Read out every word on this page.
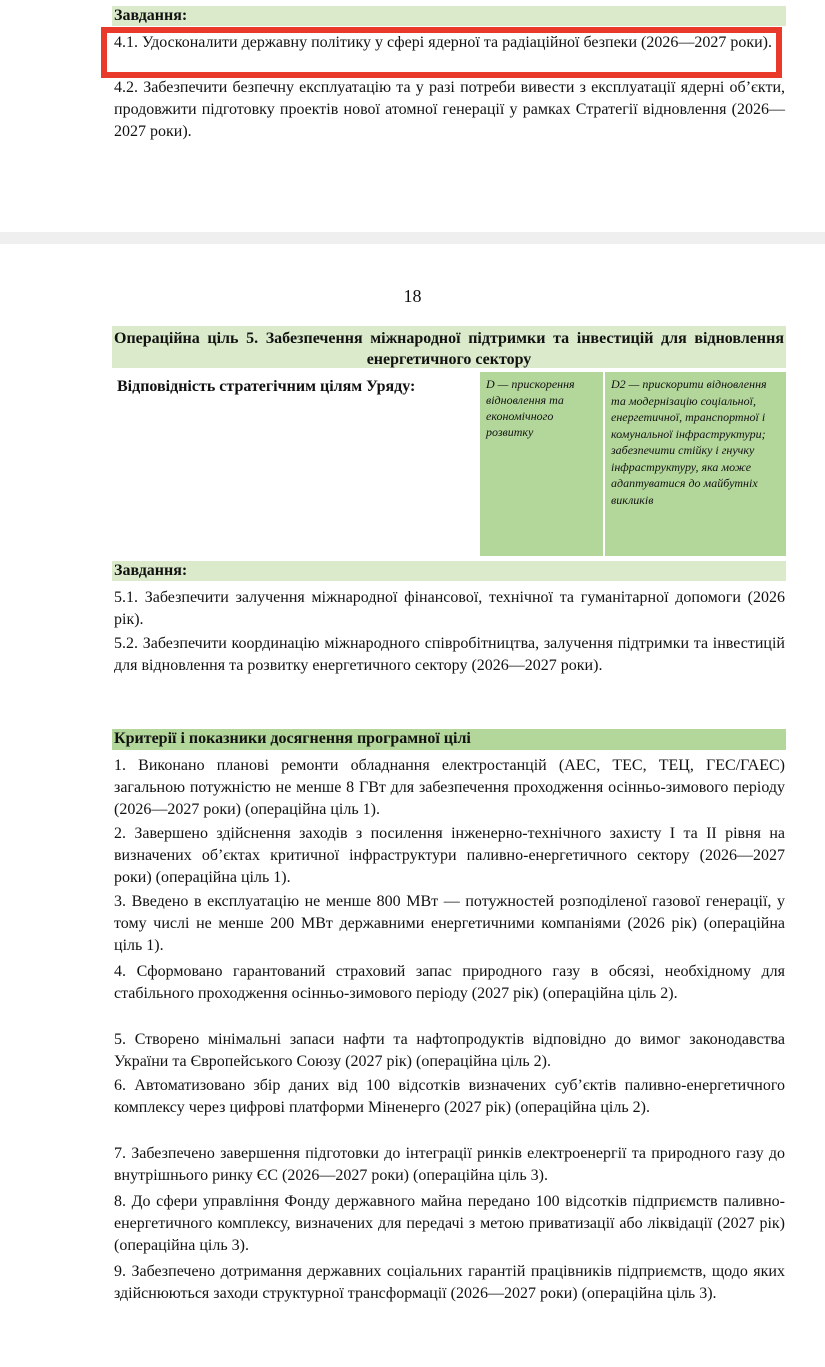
Завдання:
4.1. Удосконалити державну політику у сфері ядерної та радіаційної безпеки (2026—2027 роки).
4.2. Забезпечити безпечну експлуатацію та у разі потреби вивести з експлуатації ядерні об’єкти, продовжити підготовку проектів нової атомної генерації у рамках Стратегії відновлення (2026—2027 роки).
18
Операційна ціль 5. Забезпечення міжнародної підтримки та інвестицій для відновлення енергетичного сектору
Відповідність стратегічним цілям Уряду:	D — прискорення відновлення та економічного розвитку
D2 — прискорити відновлення та модернізацію соціальної, енергетичної, транспортної і комунальної інфраструктури; забезпечити стійку і гнучку інфраструктуру, яка може адаптуватися до майбутніх викликів
Завдання:
5.1. Забезпечити залучення міжнародної фінансової, технічної та гуманітарної допомоги (2026 рік).
5.2. Забезпечити координацію міжнародного співробітництва, залучення підтримки та інвестицій для відновлення та розвитку енергетичного сектору (2026—2027 роки).
Критерії і показники досягнення програмної цілі
1. Виконано планові ремонти обладнання електростанцій (АЕС, ТЕС, ТЕЦ, ГЕС/ГАЕС) загальною потужністю не менше 8 ГВт для забезпечення проходження осінньо-зимового періоду (2026—2027 роки) (операційна ціль 1).
2. Завершено здійснення заходів з посилення інженерно-технічного захисту I та II рівня на визначених об’єктах критичної інфраструктури паливно-енергетичного сектору (2026—2027 роки) (операційна ціль 1).
3. Введено в експлуатацію не менше 800 МВт — потужностей розподіленої газової генерації, у тому числі не менше 200 МВт державними енергетичними компаніями (2026 рік) (операційна ціль 1).
4. Сформовано гарантований страховий запас природного газу в обсязі, необхідному для стабільного проходження осінньо-зимового періоду (2027 рік) (операційна ціль 2).
5. Створено мінімальні запаси нафти та нафтопродуктів відповідно до вимог законодавства України та Європейського Союзу (2027 рік) (операційна ціль 2).
6. Автоматизовано збір даних від 100 відсотків визначених суб’єктів паливно-енергетичного комплексу через цифрові платформи Міненерго (2027 рік) (операційна ціль 2).
7. Забезпечено завершення підготовки до інтеграції ринків електроенергії та природного газу до внутрішнього ринку ЄС (2026—2027 роки) (операційна ціль 3).
8. До сфери управління Фонду державного майна передано 100 відсотків підприємств паливно-енергетичного комплексу, визначених для передачі з метою приватизації або ліквідації (2027 рік) (операційна ціль 3).
9. Забезпечено дотримання державних соціальних гарантій працівників підприємств, щодо яких здійснюються заходи структурної трансформації (2026—2027 роки) (операційна ціль 3).
